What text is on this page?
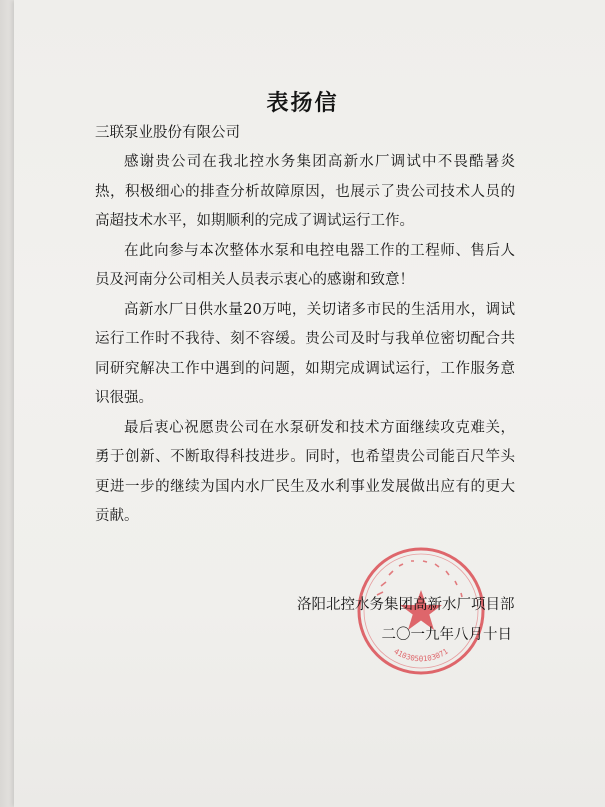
表扬信
三联泵业股份有限公司

感谢贵公司在我北控水务集团高新水厂调试中不畏酷暑炎热，积极细心的排查分析故障原因，也展示了贵公司技术人员的高超技术水平，如期顺利的完成了调试运行工作。

在此向参与本次整体水泵和电控电器工作的工程师、售后人员及河南分公司相关人员表示衷心的感谢和致意！

高新水厂日供水量20万吨，关切诸多市民的生活用水，调试运行工作时不我待、刻不容缓。贵公司及时与我单位密切配合共同研究解决工作中遇到的问题，如期完成调试运行，工作服务意识很强。

最后衷心祝愿贵公司在水泵研发和技术方面继续攻克难关，勇于创新、不断取得科技进步。同时，也希望贵公司能百尺竿头更进一步的继续为国内水厂民生及水利事业发展做出应有的更大贡献。

4103050103071
洛阳北控水务集团高新水厂项目部
二〇一九年八月十日
